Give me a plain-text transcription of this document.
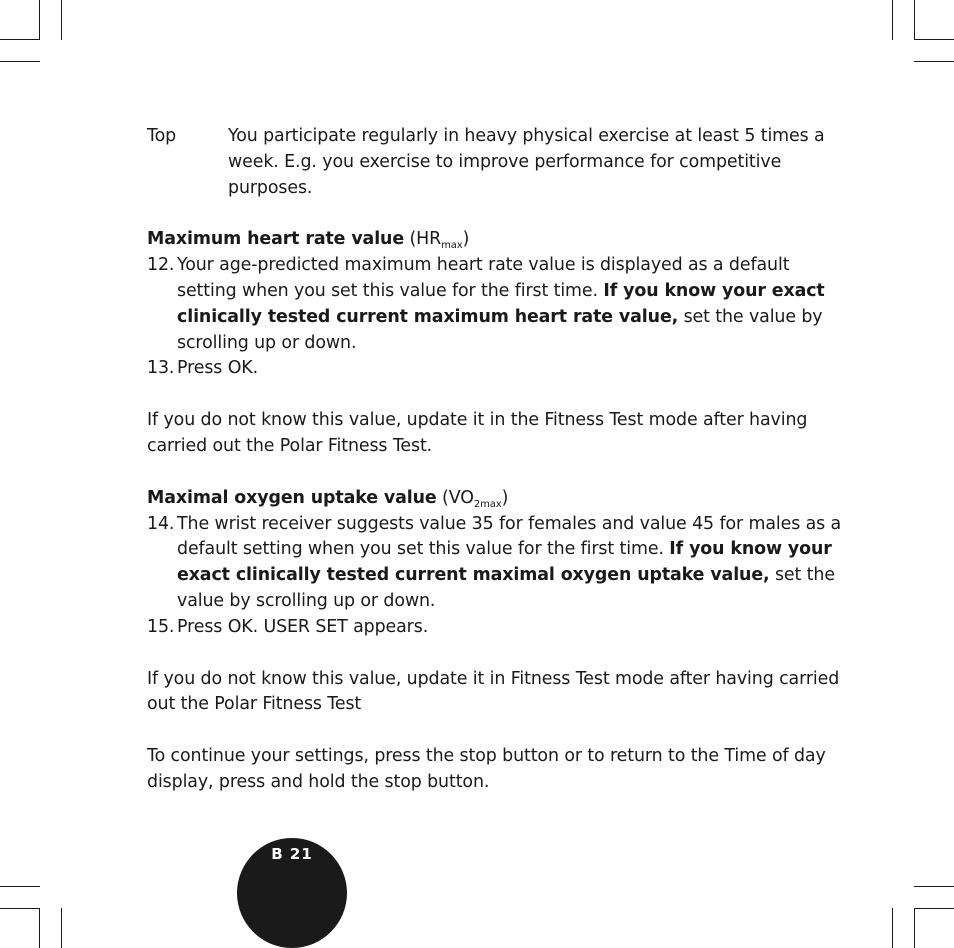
Top	You participate regularly in heavy physical exercise at least 5 times a week. E.g. you exercise to improve performance for competitive purposes.
Maximum heart rate value $(HR_{max})$
12. Your age-predicted maximum heart rate value is displayed as a default setting when you set this value for the first time. If you know your exact clinically tested current maximum heart rate value, set the value by scrolling up or down.
13. Press OK.
If you do not know this value, update it in the Fitness Test mode after having carried out the Polar Fitness Test.
Maximal oxygen uptake value $(VO_{2max})$
14. The wrist receiver suggests value 35 for females and value 45 for males as a default setting when you set this value for the first time. If you know your exact clinically tested current maximal oxygen uptake value, set the value by scrolling up or down.
15. Press OK. USER SET appears.
If you do not know this value, update it in Fitness Test mode after having carried out the Polar Fitness Test
To continue your settings, press the stop button or to return to the Time of day display, press and hold the stop button.
B 21
